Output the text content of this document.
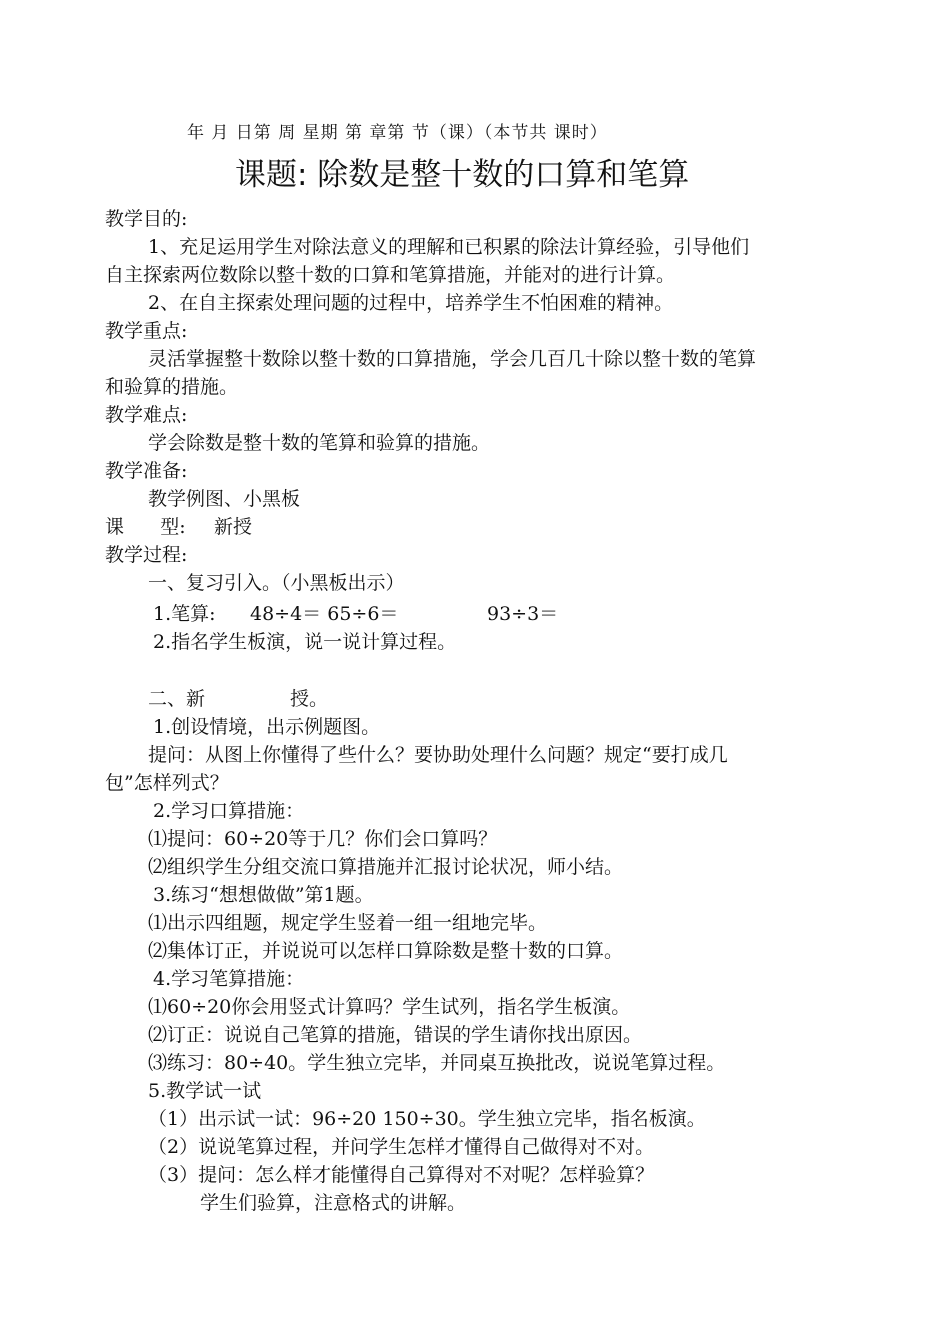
年 月 日第 周 星期 第 章第 节（课）（本节共 课时）
课题: 除数是整十数的口算和笔算
教学目的:
1、充足运用学生对除法意义的理解和已积累的除法计算经验，引导他们
自主探索两位数除以整十数的口算和笔算措施，并能对的进行计算。
2、在自主探索处理问题的过程中，培养学生不怕困难的精神。
教学重点:
灵活掌握整十数除以整十数的口算措施，学会几百几十除以整十数的笔算
和验算的措施。
教学难点:
学会除数是整十数的笔算和验算的措施。
教学准备:
教学例图、小黑板
课      型: 新授
教学过程:
一、复习引入。（小黑板出示）
1.笔算: 48÷4＝ 65÷6＝	93÷3＝
2.指名学生板演，说一说计算过程。
二、新	授。
1.创设情境，出示例题图。
提问：从图上你懂得了些什么？要协助处理什么问题？规定“要打成几
包”怎样列式？
2.学习口算措施：
⑴提问：60÷20等于几？你们会口算吗？
⑵组织学生分组交流口算措施并汇报讨论状况，师小结。
3.练习“想想做做”第1题。
⑴出示四组题，规定学生竖着一组一组地完毕。
⑵集体订正，并说说可以怎样口算除数是整十数的口算。
4.学习笔算措施：
⑴60÷20你会用竖式计算吗？学生试列，指名学生板演。
⑵订正：说说自己笔算的措施，错误的学生请你找出原因。
⑶练习：80÷40。学生独立完毕，并同桌互换批改，说说笔算过程。
5.教学试一试
（1）出示试一试：96÷20 150÷30。学生独立完毕，指名板演。
（2）说说笔算过程，并问学生怎样才懂得自己做得对不对。
（3）提问：怎么样才能懂得自己算得对不对呢？怎样验算？
学生们验算，注意格式的讲解。
